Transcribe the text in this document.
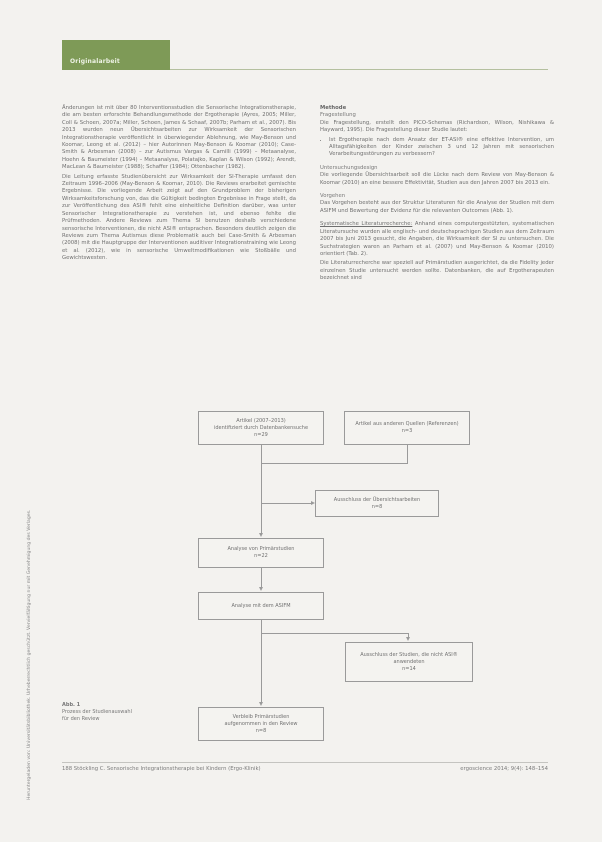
Originalarbeit
Heruntergeladen von: Universitätsbibliothek. Urheberrechtlich geschützt. Vervielfältigung nur mit Genehmigung des Verlages.

Änderungen ist mit über 80 Interventionsstudien die Sensorische Integrationstherapie, die am besten erforschte Behandlungsmethode der Ergotherapie (Ayres, 2005; Miller, Coll & Schoen, 2007a; Miller, Schoen, James & Schaaf, 2007b; Parham et al., 2007). Bis 2013 wurden neun Übersichtsarbeiten zur Wirksamkeit der Sensorischen Integrationstherapie veröffentlicht in überwiegender Ablehnung, wie May-Benson und Koomar, Leong et al. (2012) – hier Autorinnen May-Benson & Koomar (2010); Case-Smith & Arbesman (2008) – zur Autismus Vargas & Camilli (1999) – Metaanalyse, Hoehn & Baumeister (1994) – Metaanalyse, Polatajko, Kaplan & Wilson (1992); Arendt, MacLean & Baumeister (1988); Schaffer (1984); Ottenbacher (1982).

Die Leitung erfasste Studienübersicht zur Wirksamkeit der SI-Therapie umfasst den Zeitraum 1996–2006 (May-Benson & Koomar, 2010). Die Reviews erarbeitet gemischte Ergebnisse. Die vorliegende Arbeit zeigt auf den Grundproblem der bisherigen Wirksamkeitsforschung von, das die Gültigkeit bedingten Ergebnisse in Frage stellt, da zur Veröffentlichung des ASI® fehlt eine einheitliche Definition darüber, was unter Sensorischer Integrationstherapie zu verstehen ist, und ebenso fehlte die Prüfmethoden. Andere Reviews zum Thema SI benutzen deshalb verschiedene sensorische Interventionen, die nicht ASI® entsprachen. Besonders deutlich zeigen die Reviews zum Thema Autismus diese Problematik auch bei Case-Smith & Arbesman (2008) mit die Hauptgruppe der Interventionen auditiver Integrationstraining wie Leong et al. (2012), wie in sensorische Umweltmodifikationen wie Stoßbälle und Gewichtswesten.

Methode

Fragestellung

Die Fragestellung, erstellt den PICO-Schemas (Richardson, Wilson, Nishikawa & Hayward, 1995). Die Fragestellung dieser Studie lautet:

• Ist Ergotherapie nach dem Ansatz der ET-ASI® eine effektive Intervention, um Alltagsfähigkeiten der Kinder zwischen 3 und 12 Jahren mit sensorischen Verarbeitungsstörungen zu verbessern?

Untersuchungsdesign

Die vorliegende Übersichtsarbeit soll die Lücke nach dem Review von May-Benson & Koomar (2010) an eine bessere Effektivität, Studien aus den Jahren 2007 bis 2013 ein.

Vorgehen

Das Vorgehen besteht aus der Struktur Literaturen für die Analyse der Studien mit dem ASIFM und Bewertung der Evidenz für die relevanten Outcomes (Abb. 1).

Systematische Literaturrecherche: Anhand eines computergestützten, systematischen Literatursuche wurden alle englisch- und deutschsprachigen Studien aus dem Zeitraum 2007 bis Juni 2013 gesucht, die Angaben, die Wirksamkeit der SI zu untersuchen. Die Suchstrategien waren an Parham et al. (2007) und May-Benson & Koomar (2010) orientiert (Tab. 2).

Die Literaturrecherche war speziell auf Primärstudien ausgerichtet, da die Fidelity jeder einzelnen Studie untersucht werden sollte. Datenbanken, die auf Ergotherapeuten bezeichnet sind

Artikel (2007–2013)
identifiziert durch Datenbankensuche
n=29
Artikel aus anderen Quellen (Referenzen)
n=3
Ausschluss der Übersichtsarbeiten
n=8
Analyse von Primärstudien
n=22
Analyse mit dem ASIFM
Ausschluss der Studien, die nicht ASI®
anwendeten
n=14
Verbleib Primärstudien
aufgenommen in den Review
n=8
Abb. 1
Prozess der Studienauswahl für den Review
188 Stöckling C. Sensorische Integrationstherapie bei Kindern (Ergo-Klinik)	ergoscience 2014; 9(4): 148–154
